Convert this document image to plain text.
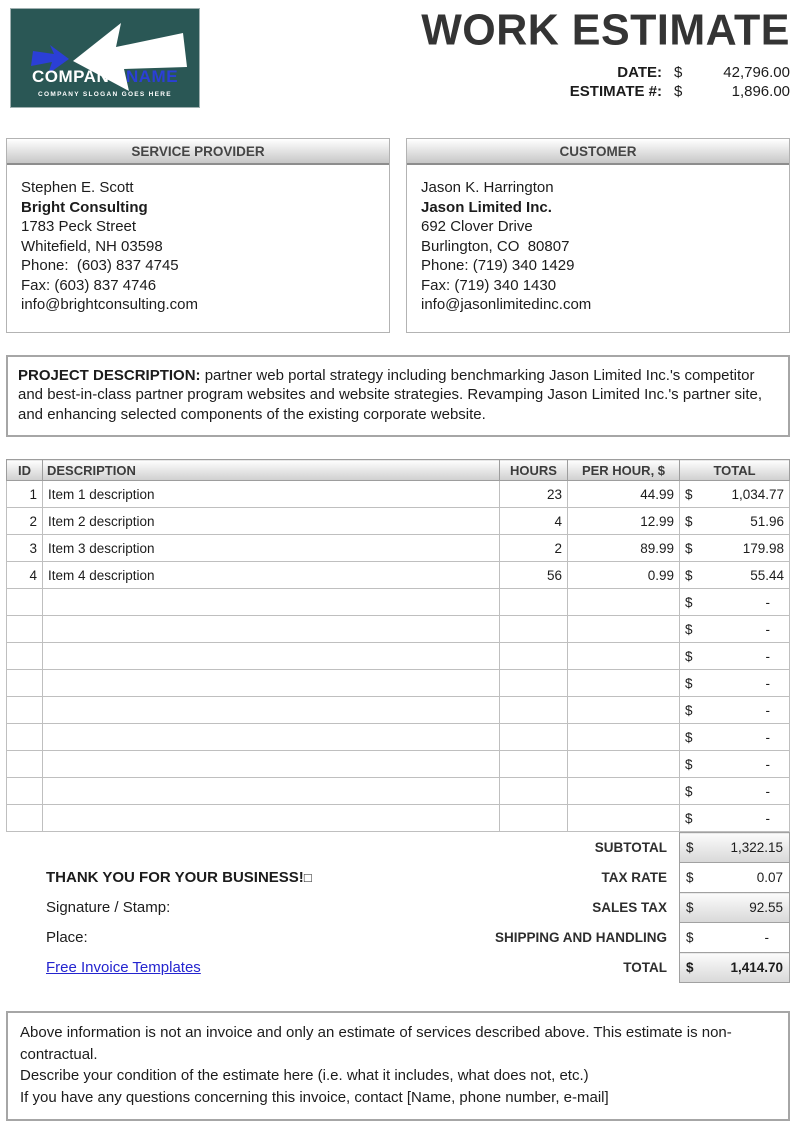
COMPANY NAME
COMPANY SLOGAN GOES HERE
WORK ESTIMATE
DATE: $	42,796.00
ESTIMATE #: $	1,896.00
SERVICE PROVIDER
Stephen E. Scott
Bright Consulting
1783 Peck Street
Whitefield, NH 03598
Phone:  (603) 837 4745
Fax: (603) 837 4746
info@brightconsulting.com
CUSTOMER
Jason K. Harrington
Jason Limited Inc.
692 Clover Drive
Burlington, CO  80807
Phone: (719) 340 1429
Fax: (719) 340 1430
info@jasonlimitedinc.com
PROJECT DESCRIPTION: partner web portal strategy including benchmarking Jason Limited Inc.'s competitor and best-in-class partner program websites and website strategies. Revamping Jason Limited Inc.'s partner site, and enhancing selected components of the existing corporate website.
ID	DESCRIPTION	HOURS	PER HOUR, $	TOTAL
1	Item 1 description	23	44.99	$ 1,034.77

2	Item 2 description	4	12.99	$ 51.96

3	Item 3 description	2	89.99	$ 179.98

4	Item 4 description	56	0.99	$ 55.44

				$ -

				$ -

				$ -

				$ -

				$ -

				$ -

				$ -

				$ -

				$ -
	SUBTOTAL	$ 1,322.15

THANK YOU FOR YOUR BUSINESS!□	TAX RATE	$ 0.07

Signature / Stamp:	SALES TAX	$ 92.55

Place:	SHIPPING AND HANDLING	$ -

Free Invoice Templates	TOTAL	$ 1,414.70
Above information is not an invoice and only an estimate of services described above. This estimate is non-contractual.
Describe your condition of the estimate here (i.e. what it includes, what does not, etc.)
If you have any questions concerning this invoice, contact [Name, phone number, e-mail]
